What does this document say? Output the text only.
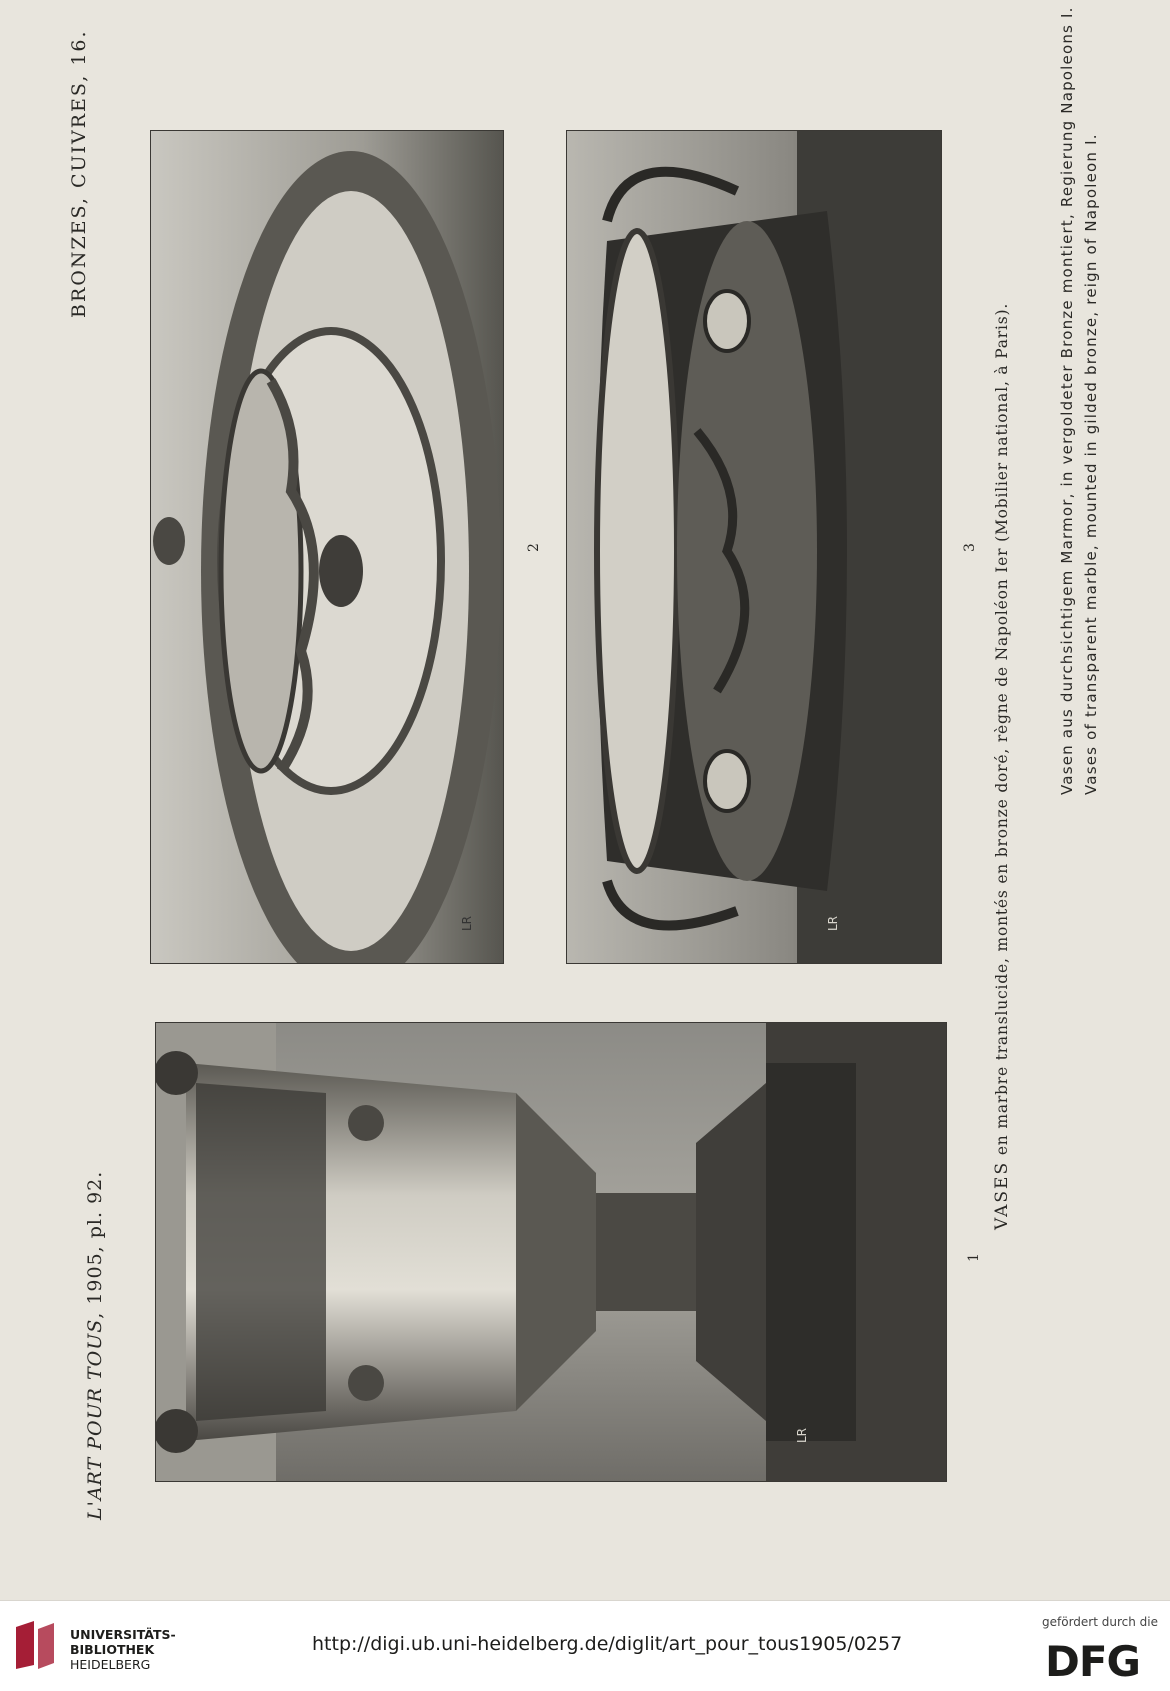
L'ART POUR TOUS, 1905, pl. 92.
BRONZES, CUIVRES, 16.
LR
1
LR
2
LR
3
VASES en marbre translucide, montés en bronze doré, règne de Napoléon Ier (Mobilier national, à Paris).	Vasen aus durchsichtigem Marmor, in vergoldeter Bronze montiert, Regierung Napoleons I. Vases of transparent marble, mounted in gilded bronze, reign of Napoleon I.
UNIVERSITÄTS-
BIBLIOTHEK
HEIDELBERG
http://digi.ub.uni-heidelberg.de/diglit/art_pour_tous1905/0257
gefördert durch die
DFG
